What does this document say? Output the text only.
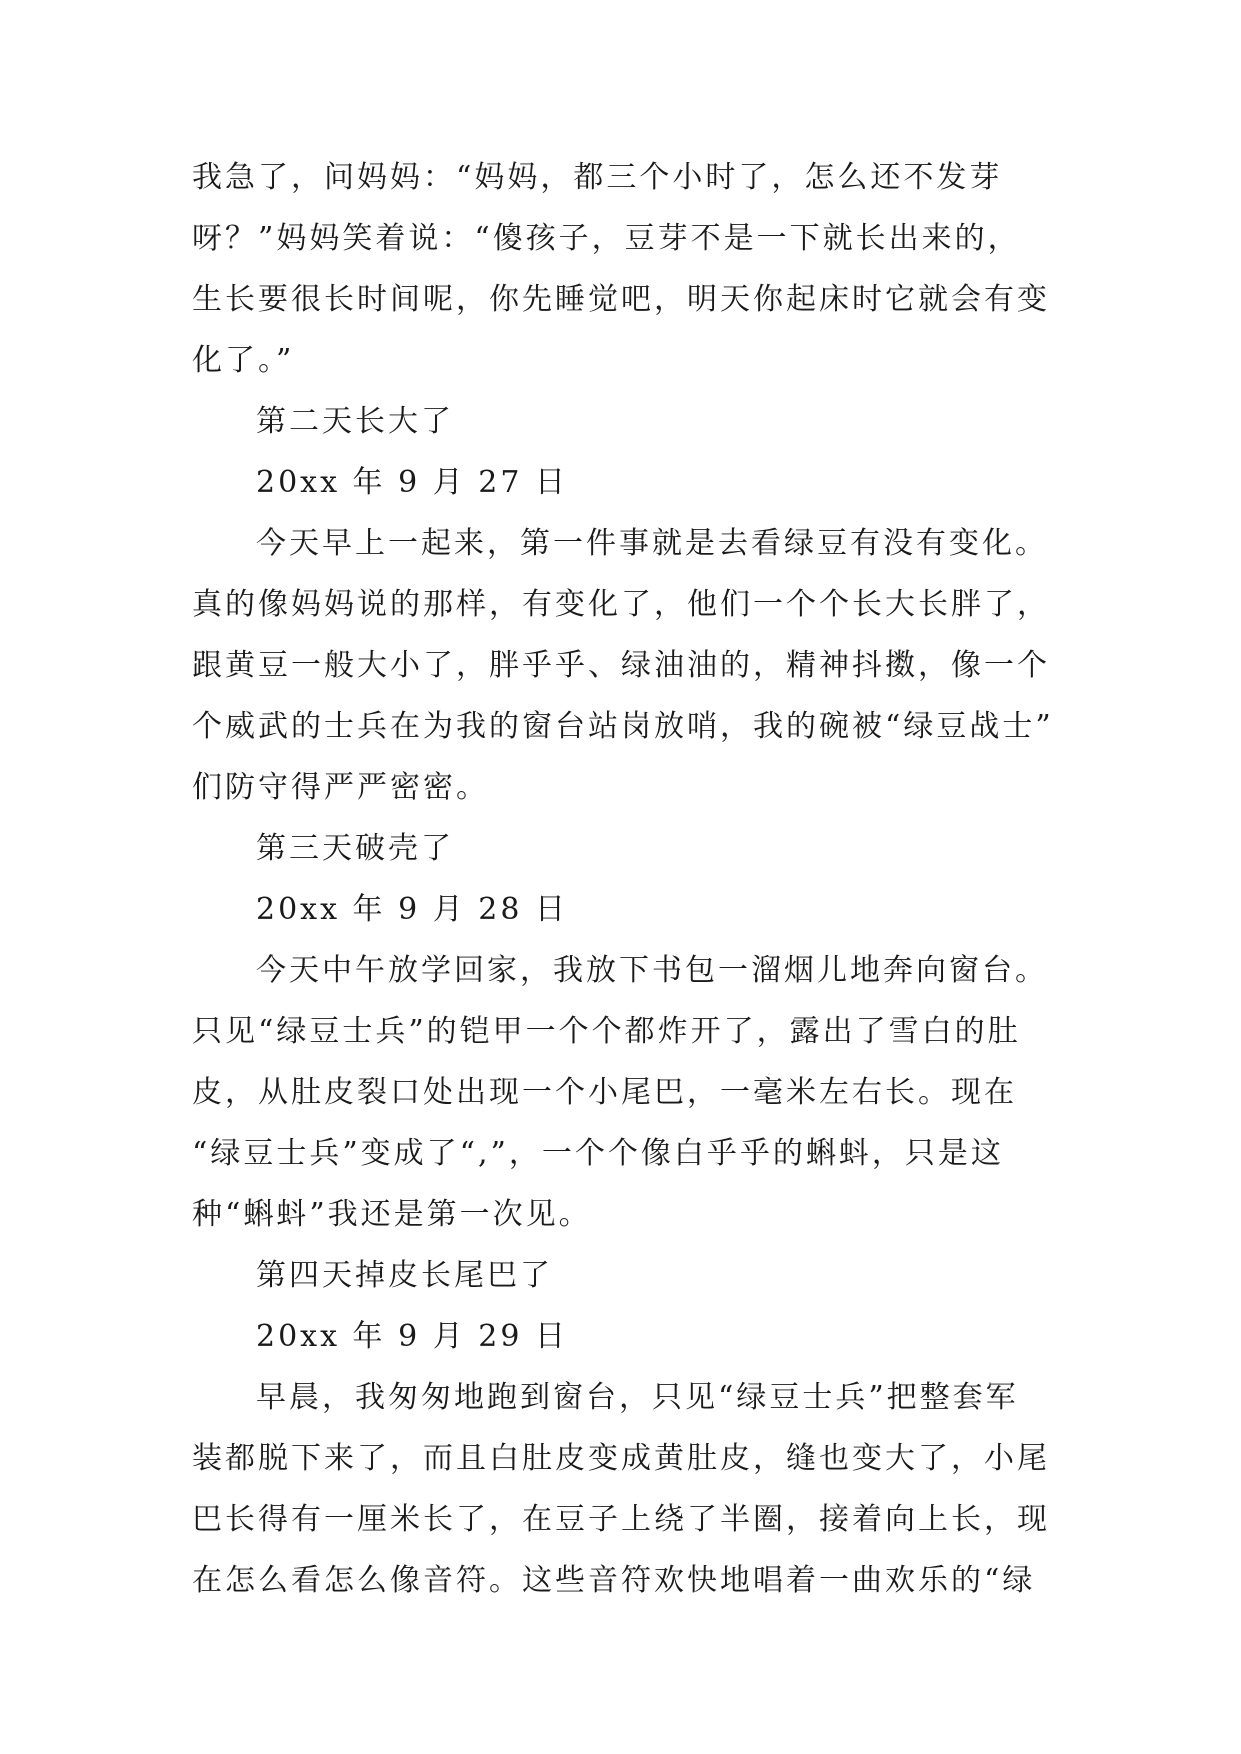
我急了，问妈妈：“妈妈，都三个小时了，怎么还不发芽
呀？”妈妈笑着说：“傻孩子，豆芽不是一下就长出来的，
生长要很长时间呢，你先睡觉吧，明天你起床时它就会有变
化了。”
第二天长大了
20xx 年 9 月 27 日
今天早上一起来，第一件事就是去看绿豆有没有变化。
真的像妈妈说的那样，有变化了，他们一个个长大长胖了，
跟黄豆一般大小了，胖乎乎、绿油油的，精神抖擞，像一个
个威武的士兵在为我的窗台站岗放哨，我的碗被“绿豆战士”
们防守得严严密密。
第三天破壳了
20xx 年 9 月 28 日
今天中午放学回家，我放下书包一溜烟儿地奔向窗台。
只见“绿豆士兵”的铠甲一个个都炸开了，露出了雪白的肚
皮，从肚皮裂口处出现一个小尾巴，一毫米左右长。现在
“绿豆士兵”变成了“,”，一个个像白乎乎的蝌蚪，只是这
种“蝌蚪”我还是第一次见。
第四天掉皮长尾巴了
20xx 年 9 月 29 日
早晨，我匆匆地跑到窗台，只见“绿豆士兵”把整套军
装都脱下来了，而且白肚皮变成黄肚皮，缝也变大了，小尾
巴长得有一厘米长了，在豆子上绕了半圈，接着向上长，现
在怎么看怎么像音符。这些音符欢快地唱着一曲欢乐的“绿
